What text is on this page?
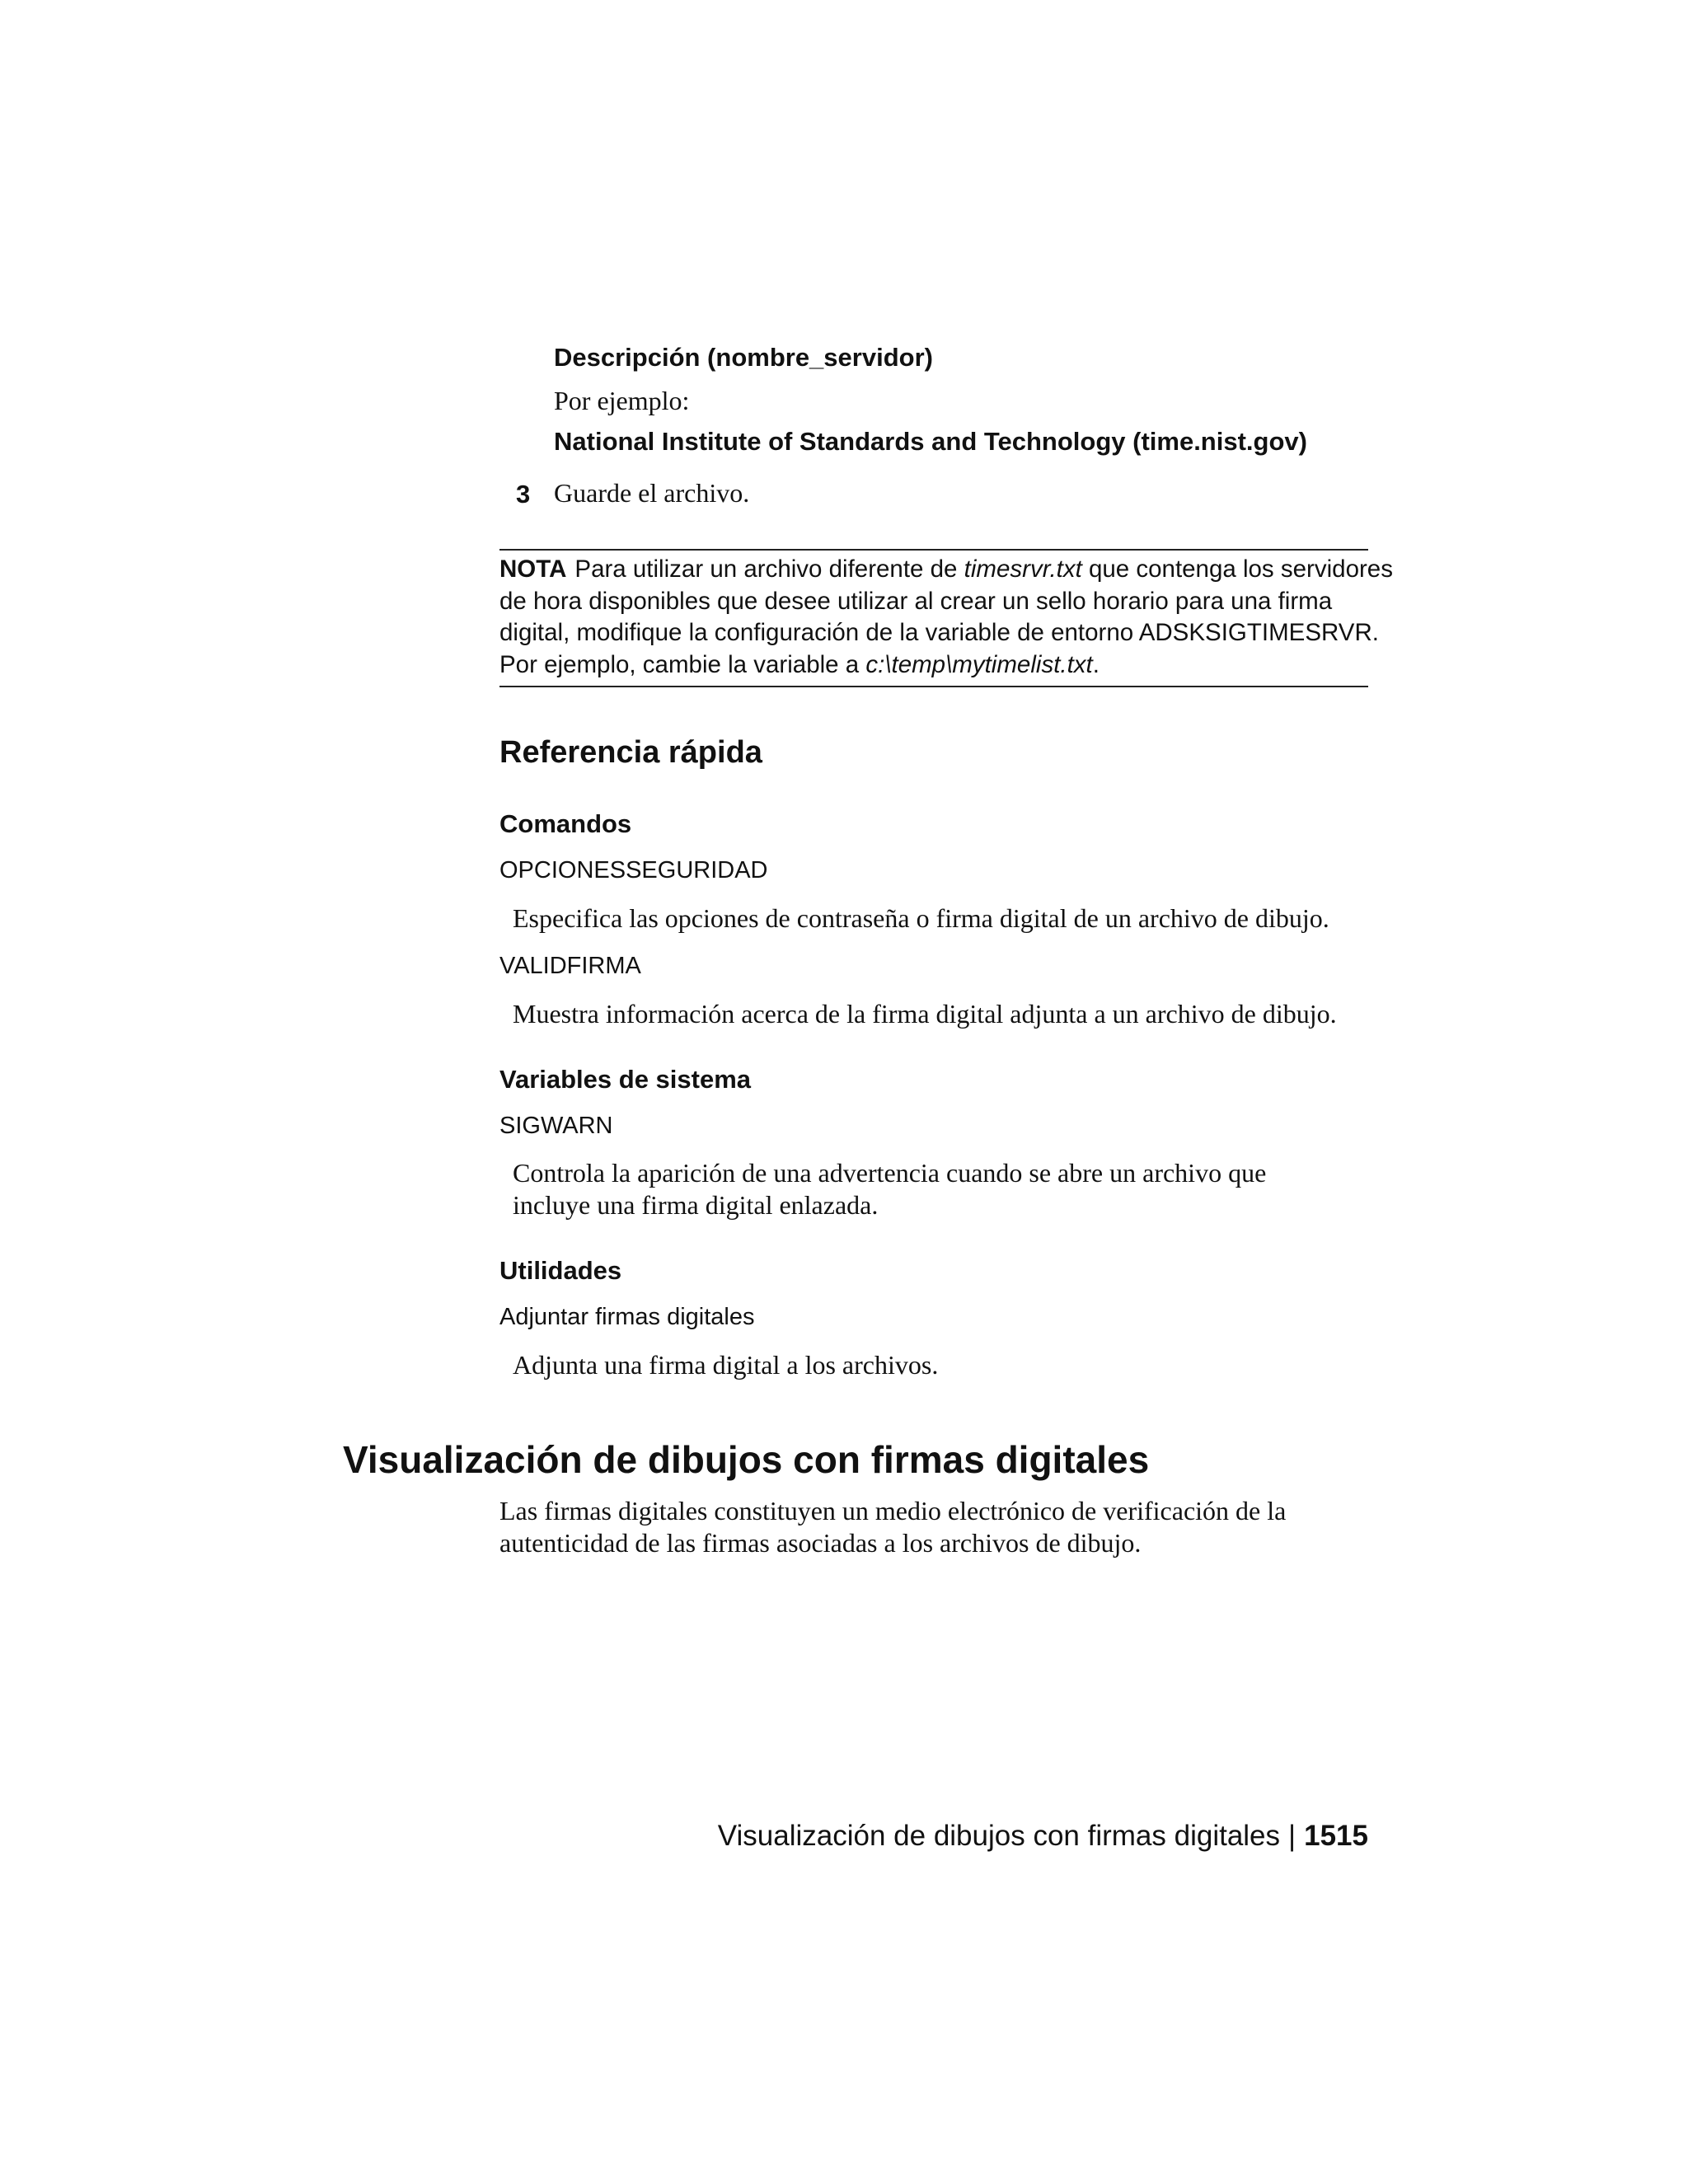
Descripción (nombre_servidor)

Por ejemplo:

National Institute of Standards and Technology (time.nist.gov)

3 Guarde el archivo.

NOTA Para utilizar un archivo diferente de timesrvr.txt que contenga los servidores
de hora disponibles que desee utilizar al crear un sello horario para una firma
digital, modifique la configuración de la variable de entorno ADSKSIGTIMESRVR.
Por ejemplo, cambie la variable a c:\temp\mytimelist.txt.
Referencia rápida
Comandos

OPCIONESSEGURIDAD

Especifica las opciones de contraseña o firma digital de un archivo de dibujo.

VALIDFIRMA

Muestra información acerca de la firma digital adjunta a un archivo de dibujo.

Variables de sistema

SIGWARN

Controla la aparición de una advertencia cuando se abre un archivo que
incluye una firma digital enlazada.
Utilidades

Adjuntar firmas digitales

Adjunta una firma digital a los archivos.

Visualización de dibujos con firmas digitales
Las firmas digitales constituyen un medio electrónico de verificación de la
autenticidad de las firmas asociadas a los archivos de dibujo.
Visualización de dibujos con firmas digitales | 1515
